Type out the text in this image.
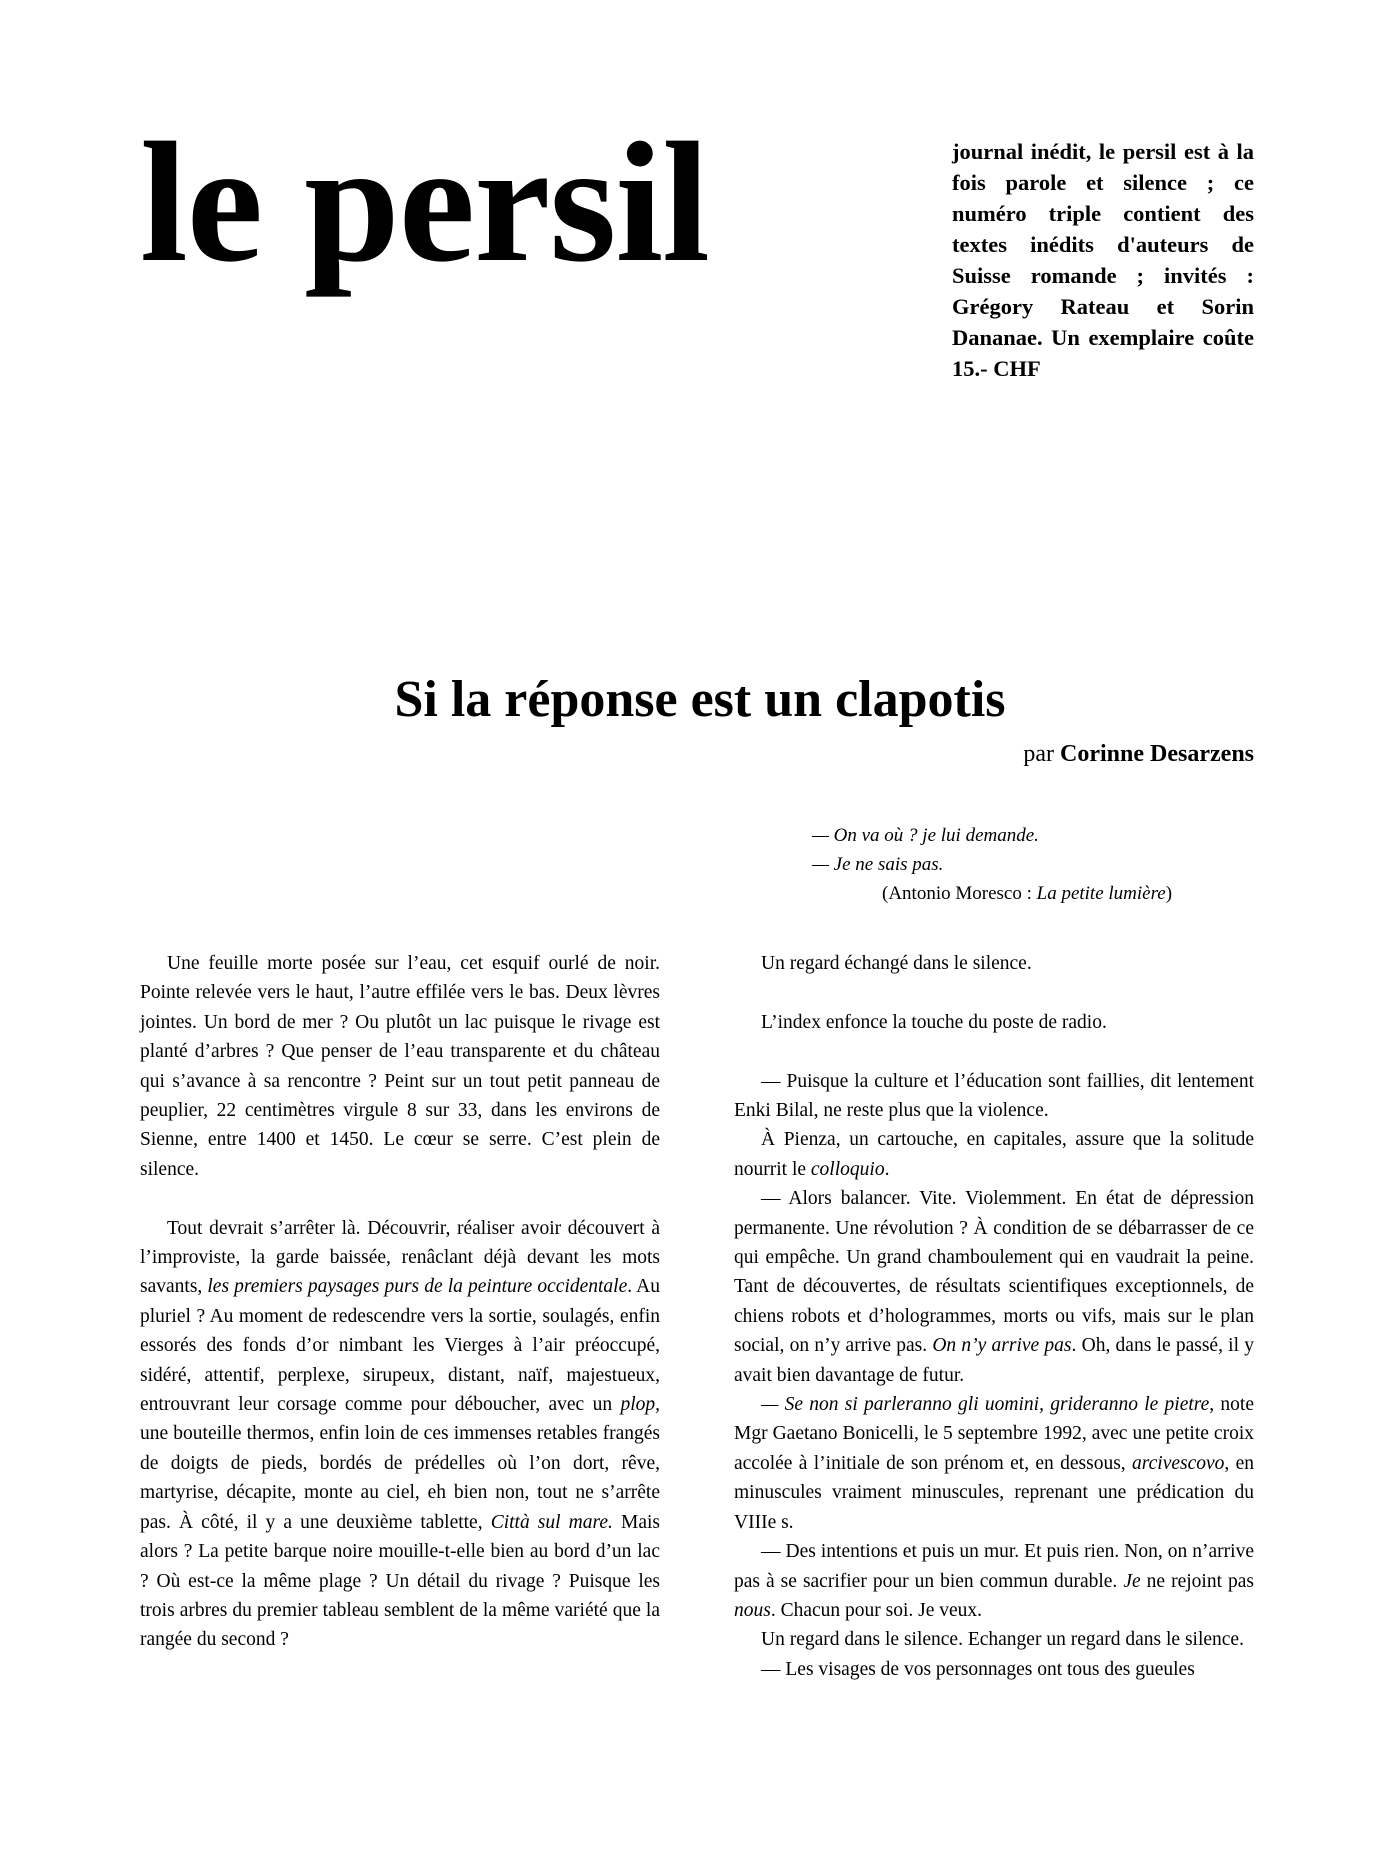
le persil	journal inédit, le persil est à la fois parole et silence ; ce numéro triple contient des textes inédits d'auteurs de Suisse romande ; invités : Grégory Rateau et Sorin Dananae. Un exemplaire coûte 15.- CHF

Si la réponse est un clapotis

par Corinne Desarzens

— On va où ? je lui demande.
— Je ne sais pas.
(Antonio Moresco : La petite lumière)

Une feuille morte posée sur l’eau, cet esquif ourlé de noir. Pointe relevée vers le haut, l’autre effilée vers le bas. Deux lèvres jointes. Un bord de mer ? Ou plutôt un lac puisque le rivage est planté d’arbres ? Que penser de l’eau transparente et du château qui s’avance à sa rencontre ? Peint sur un tout petit panneau de peuplier, 22 centimètres virgule 8 sur 33, dans les environs de Sienne, entre 1400 et 1450. Le cœur se serre. C’est plein de silence.

Tout devrait s’arrêter là. Découvrir, réaliser avoir découvert à l’improviste, la garde baissée, renâclant déjà devant les mots savants, les premiers paysages purs de la peinture occidentale. Au pluriel ? Au moment de redescendre vers la sortie, soulagés, enfin essorés des fonds d’or nimbant les Vierges à l’air préoccupé, sidéré, attentif, perplexe, sirupeux, distant, naïf, majestueux, entrouvrant leur corsage comme pour déboucher, avec un plop, une bouteille thermos, enfin loin de ces immenses retables frangés de doigts de pieds, bordés de prédelles où l’on dort, rêve, martyrise, décapite, monte au ciel, eh bien non, tout ne s’arrête pas. À côté, il y a une deuxième tablette, Città sul mare. Mais alors ? La petite barque noire mouille-t-elle bien au bord d’un lac ? Où est-ce la même plage ? Un détail du rivage ? Puisque les trois arbres du premier tableau semblent de la même variété que la rangée du second ?

Un regard échangé dans le silence.

L’index enfonce la touche du poste de radio.

— Puisque la culture et l’éducation sont faillies, dit lentement Enki Bilal, ne reste plus que la violence.

À Pienza, un cartouche, en capitales, assure que la solitude nourrit le colloquio.

— Alors balancer. Vite. Violemment. En état de dépression permanente. Une révolution ? À condition de se débarrasser de ce qui empêche. Un grand chamboulement qui en vaudrait la peine. Tant de découvertes, de résultats scientifiques exceptionnels, de chiens robots et d’hologrammes, morts ou vifs, mais sur le plan social, on n’y arrive pas. On n’y arrive pas. Oh, dans le passé, il y avait bien davantage de futur.

— Se non si parleranno gli uomini, grideranno le pietre, note Mgr Gaetano Bonicelli, le 5 septembre 1992, avec une petite croix accolée à l’initiale de son prénom et, en dessous, arcivescovo, en minuscules vraiment minuscules, reprenant une prédication du VIIIe s.

— Des intentions et puis un mur. Et puis rien. Non, on n’arrive pas à se sacrifier pour un bien commun durable. Je ne rejoint pas nous. Chacun pour soi. Je veux.

Un regard dans le silence. Echanger un regard dans le silence.

— Les visages de vos personnages ont tous des gueules
